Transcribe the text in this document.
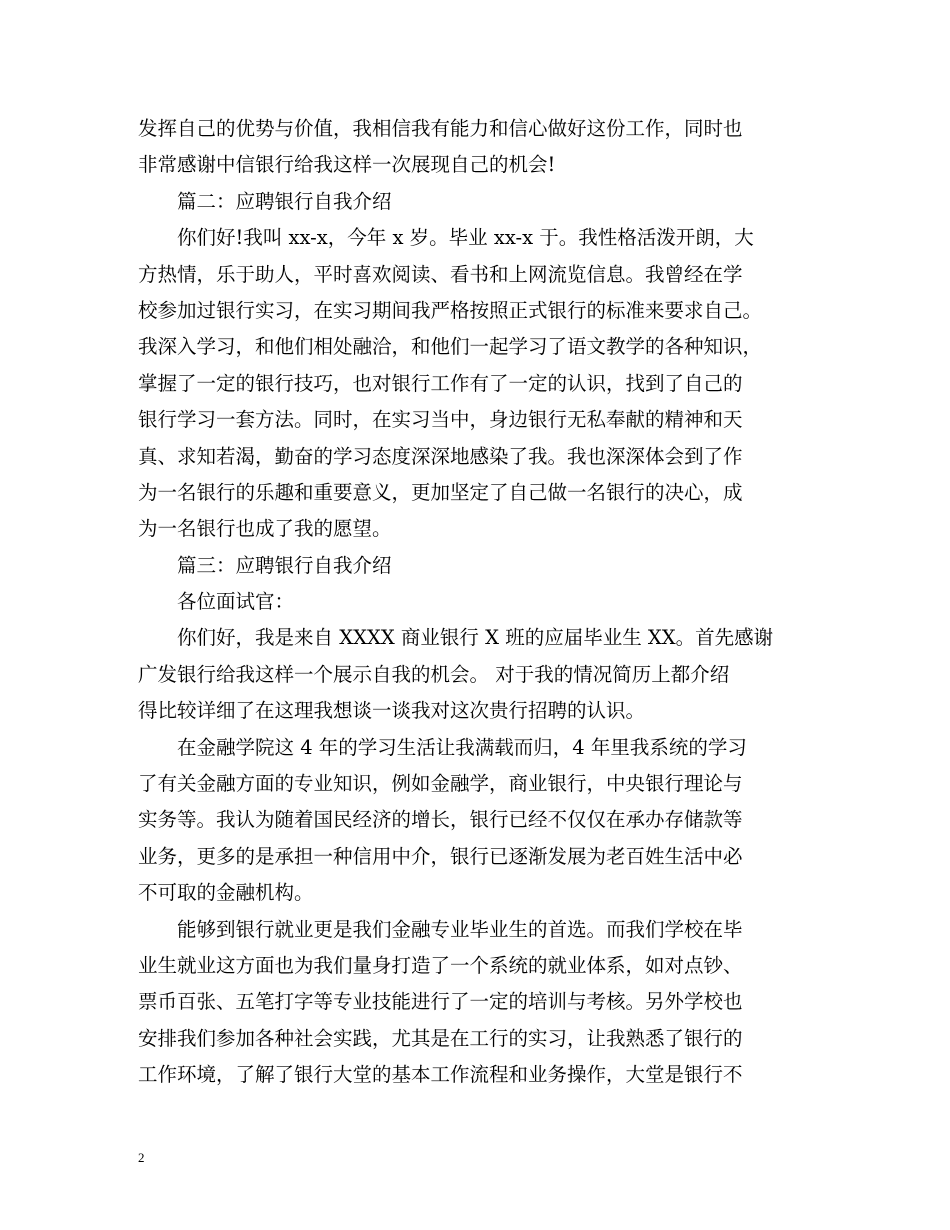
发挥自己的优势与价值，我相信我有能力和信心做好这份工作，同时也
非常感谢中信银行给我这样一次展现自己的机会!
篇二：应聘银行自我介绍
你们好!我叫 xx-x，今年 x 岁。毕业 xx-x 于。我性格活泼开朗，大
方热情，乐于助人，平时喜欢阅读、看书和上网流览信息。我曾经在学
校参加过银行实习，在实习期间我严格按照正式银行的标准来要求自己。
我深入学习，和他们相处融洽，和他们一起学习了语文教学的各种知识，
掌握了一定的银行技巧，也对银行工作有了一定的认识，找到了自己的
银行学习一套方法。同时，在实习当中，身边银行无私奉献的精神和天
真、求知若渴，勤奋的学习态度深深地感染了我。我也深深体会到了作
为一名银行的乐趣和重要意义，更加坚定了自己做一名银行的决心，成
为一名银行也成了我的愿望。
篇三：应聘银行自我介绍
各位面试官：
你们好，我是来自 XXXX 商业银行 X 班的应届毕业生 XX。首先感谢
广发银行给我这样一个展示自我的机会。 对于我的情况简历上都介绍
得比较详细了在这理我想谈一谈我对这次贵行招聘的认识。
在金融学院这 4 年的学习生活让我满载而归，4 年里我系统的学习
了有关金融方面的专业知识，例如金融学，商业银行，中央银行理论与
实务等。我认为随着国民经济的增长，银行已经不仅仅在承办存储款等
业务，更多的是承担一种信用中介，银行已逐渐发展为老百姓生活中必
不可取的金融机构。
能够到银行就业更是我们金融专业毕业生的首选。而我们学校在毕
业生就业这方面也为我们量身打造了一个系统的就业体系，如对点钞、
票币百张、五笔打字等专业技能进行了一定的培训与考核。另外学校也
安排我们参加各种社会实践，尤其是在工行的实习，让我熟悉了银行的
工作环境，了解了银行大堂的基本工作流程和业务操作，大堂是银行不
2
